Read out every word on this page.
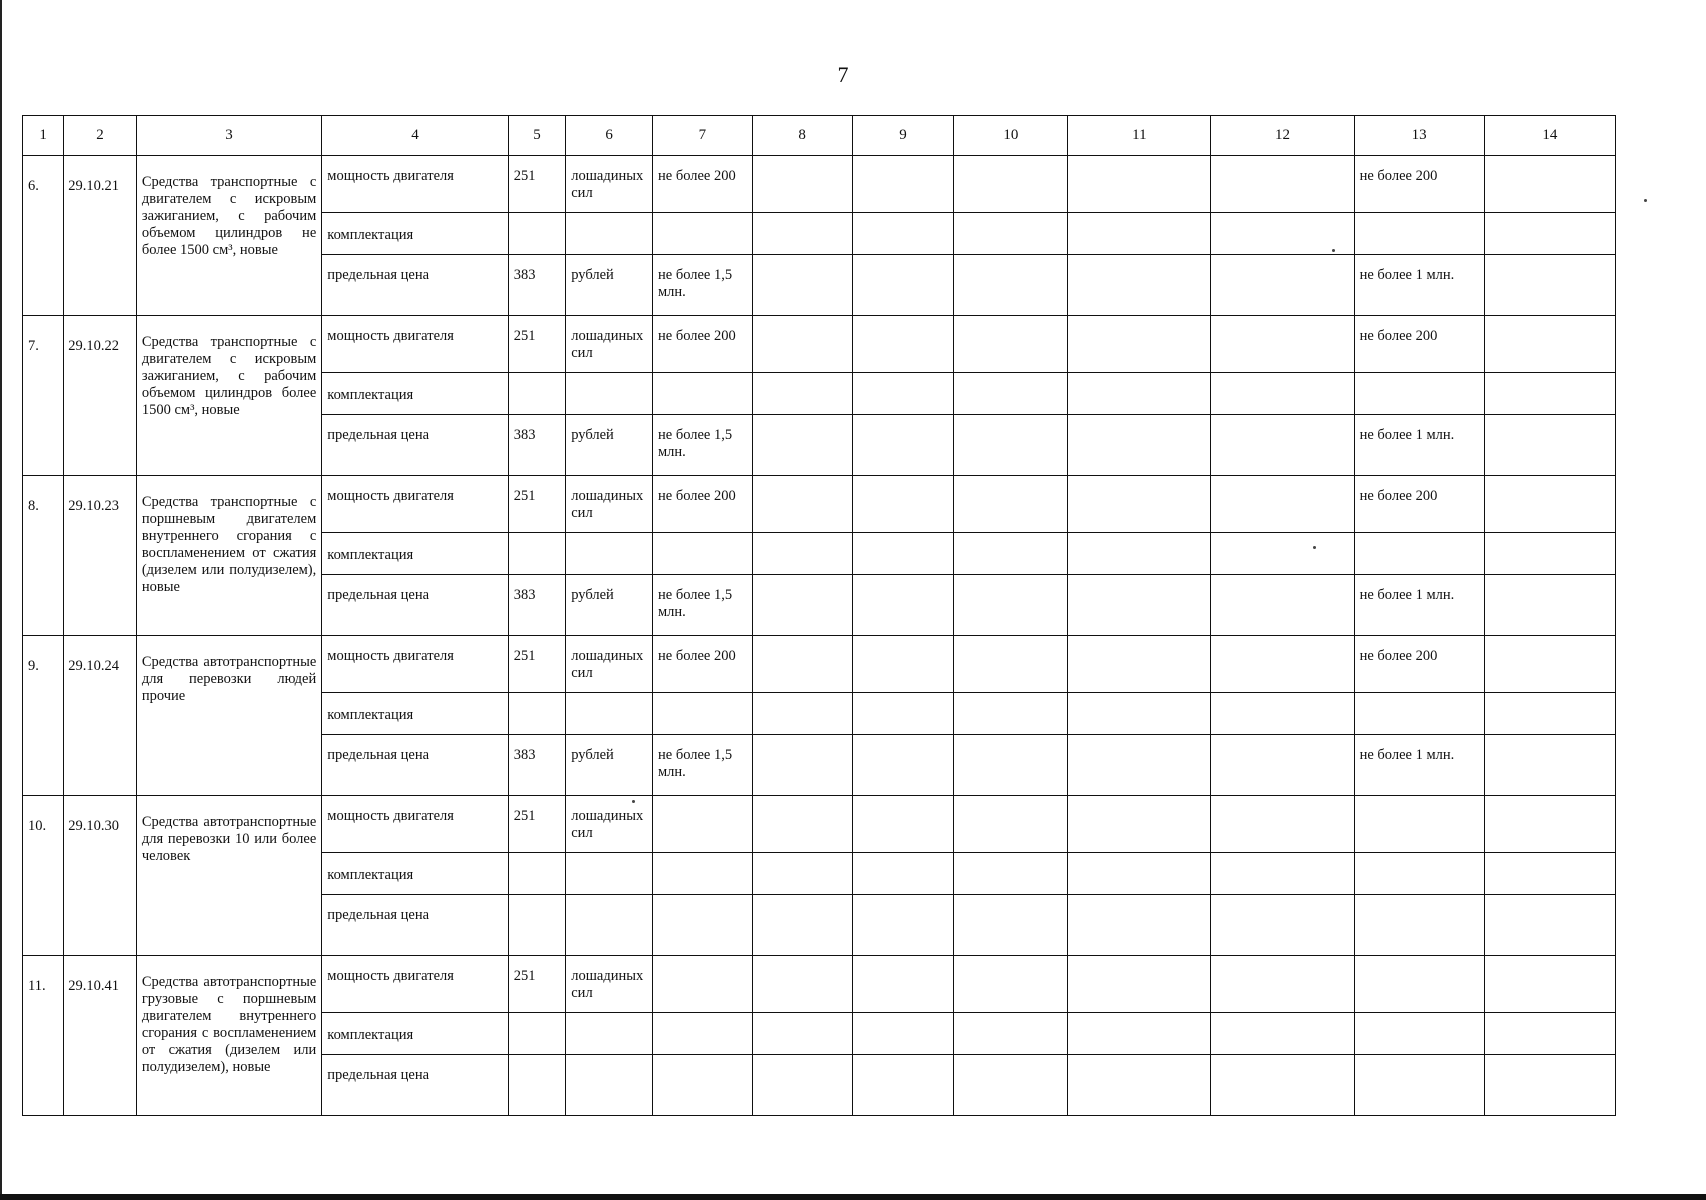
7
1	2	3	4	5	6	7	8	9	10	11	12	13	14
6.	29.10.21	Средства транспортные с двигателем с искровым зажиганием, с рабочим объемом цилиндров не более 1500 см³, новые	мощность двигателя	251	лошадиных сил	не более 200						не более 200	
			комплектация										
			предельная цена	383	рублей	не более 1,5 млн.						не более 1 млн.	
7.	29.10.22	Средства транспортные с двигателем с искровым зажиганием, с рабочим объемом цилиндров более 1500 см³, новые	мощность двигателя	251	лошадиных сил	не более 200						не более 200	
			комплектация										
			предельная цена	383	рублей	не более 1,5 млн.						не более 1 млн.	
8.	29.10.23	Средства транспортные с поршневым двигателем внутреннего сгорания с воспламенением от сжатия (дизелем или полудизелем), новые	мощность двигателя	251	лошадиных сил	не более 200						не более 200	
			комплектация										
			предельная цена	383	рублей	не более 1,5 млн.						не более 1 млн.	
9.	29.10.24	Средства автотранспортные для перевозки людей прочие	мощность двигателя	251	лошадиных сил	не более 200						не более 200	
			комплектация										
			предельная цена	383	рублей	не более 1,5 млн.						не более 1 млн.	
10.	29.10.30	Средства автотранспортные для перевозки 10 или более человек	мощность двигателя	251	лошадиных сил								
			комплектация										
			предельная цена										
11.	29.10.41	Средства автотранспортные грузовые с поршневым двигателем внутреннего сгорания с воспламенением от сжатия (дизелем или полудизелем), новые	мощность двигателя	251	лошадиных сил								
			комплектация										
			предельная цена										
